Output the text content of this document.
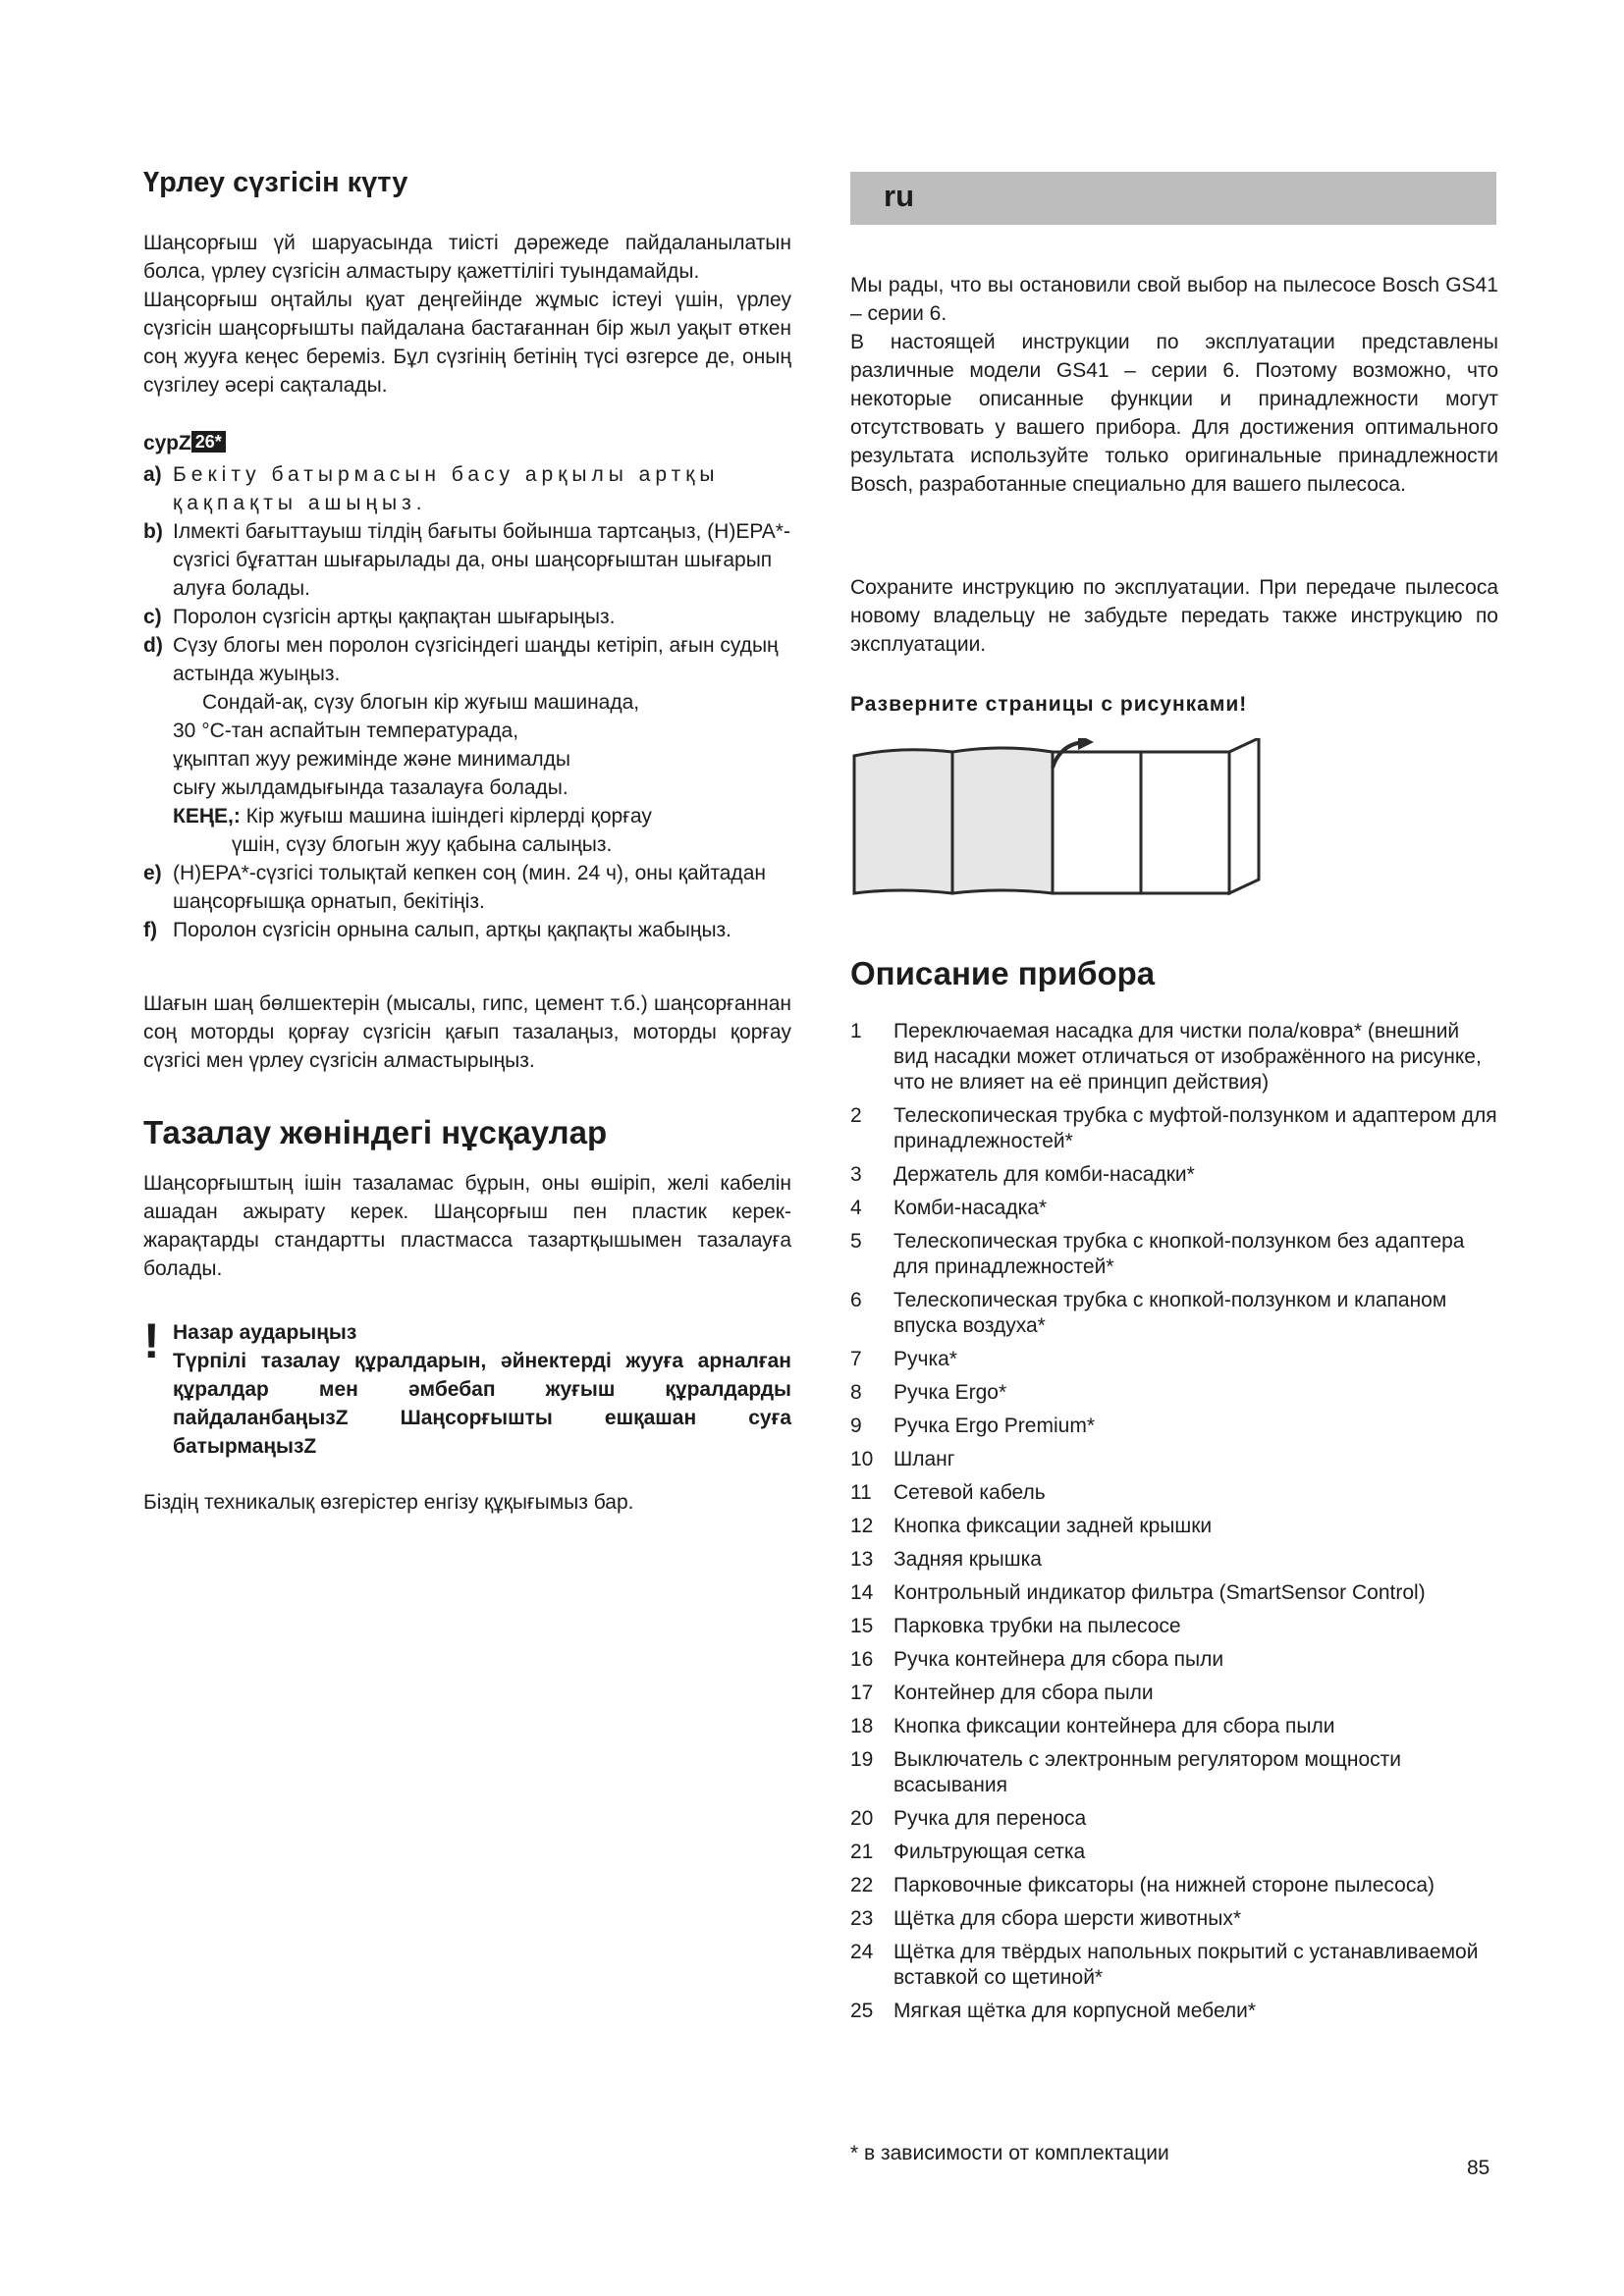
Үрлеу сүзгісін күту

Шаңсорғыш үй шаруасында тиісті дәрежеде пайдаланылатын болса, үрлеу сүзгісін алмастыру қажеттілігі туындамайды.

Шаңсорғыш оңтайлы қуат деңгейінде жұмыс істеуі үшін, үрлеу сүзгісін шаңсорғышты пайдалана бастағаннан бір жыл уақыт өткен соң жууға кеңес береміз. Бұл сүзгінің бетінің түсі өзгерсе де, оның сүзгілеу әсері сақталады.

сурZ 26*
a) Бекіту батырмасын басу арқылы артқы қақпақты ашыңыз.
b) Ілмекті бағыттауыш тілдің бағыты бойынша тартсаңыз, (H)EPA*-сүзгісі бұғаттан шығарылады да, оны шаңсорғыштан шығарып алуға болады.
c) Поролон сүзгісін артқы қақпақтан шығарыңыз.
d) Сүзу блогы мен поролон сүзгісіндегі шаңды кетіріп, ағын судың астында жуыңыз.
Сондай-ақ, сүзу блогын кір жуғыш машинада,
30 °C-тан аспайтын температурада,
ұқыптап жуу режимінде және минималды
сығу жылдамдығында тазалауға болады.
КЕҢЕ,: Кір жуғыш машина ішіндегі кірлерді қорғау
үшін, сүзу блогын жуу қабына салыңыз.
e) (H)EPA*-сүзгісі толықтай кепкен соң (мин. 24 ч), оны қайтадан шаңсорғышқа орнатып, бекітіңіз.
f) Поролон сүзгісін орнына салып, артқы қақпақты жабыңыз.

Шағын шаң бөлшектерін (мысалы, гипс, цемент т.б.) шаңсорғаннан соң моторды қорғау сүзгісін қағып тазалаңыз, моторды қорғау сүзгісі мен үрлеу сүзгісін алмастырыңыз.

Тазалау жөніндегі нұсқаулар

Шаңсорғыштың ішін тазаламас бұрын, оны өшіріп, желі кабелін ашадан ажырату керек. Шаңсорғыш пен пластик керек-жарақтарды стандартты пластмасса тазартқышымен тазалауға болады.

! Назар аударыңыз
Түрпілі тазалау құралдарын, әйнектерді жууға арналған құралдар мен әмбебап жуғыш құралдарды пайдаланбаңызZ Шаңсорғышты ешқашан суға батырмаңызZ

Біздің техникалық өзгерістер енгізу құқығымыз бар.

ru

Мы рады, что вы остановили свой выбор на пылесосе Bosch GS41 – серии 6.

В настоящей инструкции по эксплуатации представлены различные модели GS41 – серии 6. Поэтому возможно, что некоторые описанные функции и принадлежности могут отсутствовать у вашего прибора. Для достижения оптимального результата используйте только оригинальные принадлежности Bosch, разработанные специально для вашего пылесоса.

Сохраните инструкцию по эксплуатации. При передаче пылесоса новому владельцу не забудьте передать также инструкцию по эксплуатации.

Разверните страницы с рисунками!
Описание прибора
1	Переключаемая насадка для чистки пола/ковра* (внешний вид насадки может отличаться от изображённого на рисунке, что не влияет на её принцип действия)
2	Телескопическая трубка с муфтой-ползунком и адаптером для принадлежностей*
3	Держатель для комби-насадки*
4	Комби-насадка*
5	Телескопическая трубка с кнопкой-ползунком без адаптера для принадлежностей*
6	Телескопическая трубка с кнопкой-ползунком и клапаном впуска воздуха*
7	Ручка*
8	Ручка Ergo*
9	Ручка Ergo Premium*
10 Шланг
11	Сетевой кабель
12 Кнопка фиксации задней крышки
13 Задняя крышка
14 Контрольный индикатор фильтра (SmartSensor Control)
15 Парковка трубки на пылесосе
16 Ручка контейнера для сбора пыли
17 Контейнер для сбора пыли
18 Кнопка фиксации контейнера для сбора пыли
19 Выключатель с электронным регулятором мощности всасывания
20 Ручка для переноса
21 Фильтрующая сетка
22 Парковочные фиксаторы (на нижней стороне пылесоса)
23 Щётка для сбора шерсти животных*
24 Щётка для твёрдых напольных покрытий с устанавливаемой вставкой со щетиной*
25 Мягкая щётка для корпусной мебели*
* в зависимости от комплектации
85
